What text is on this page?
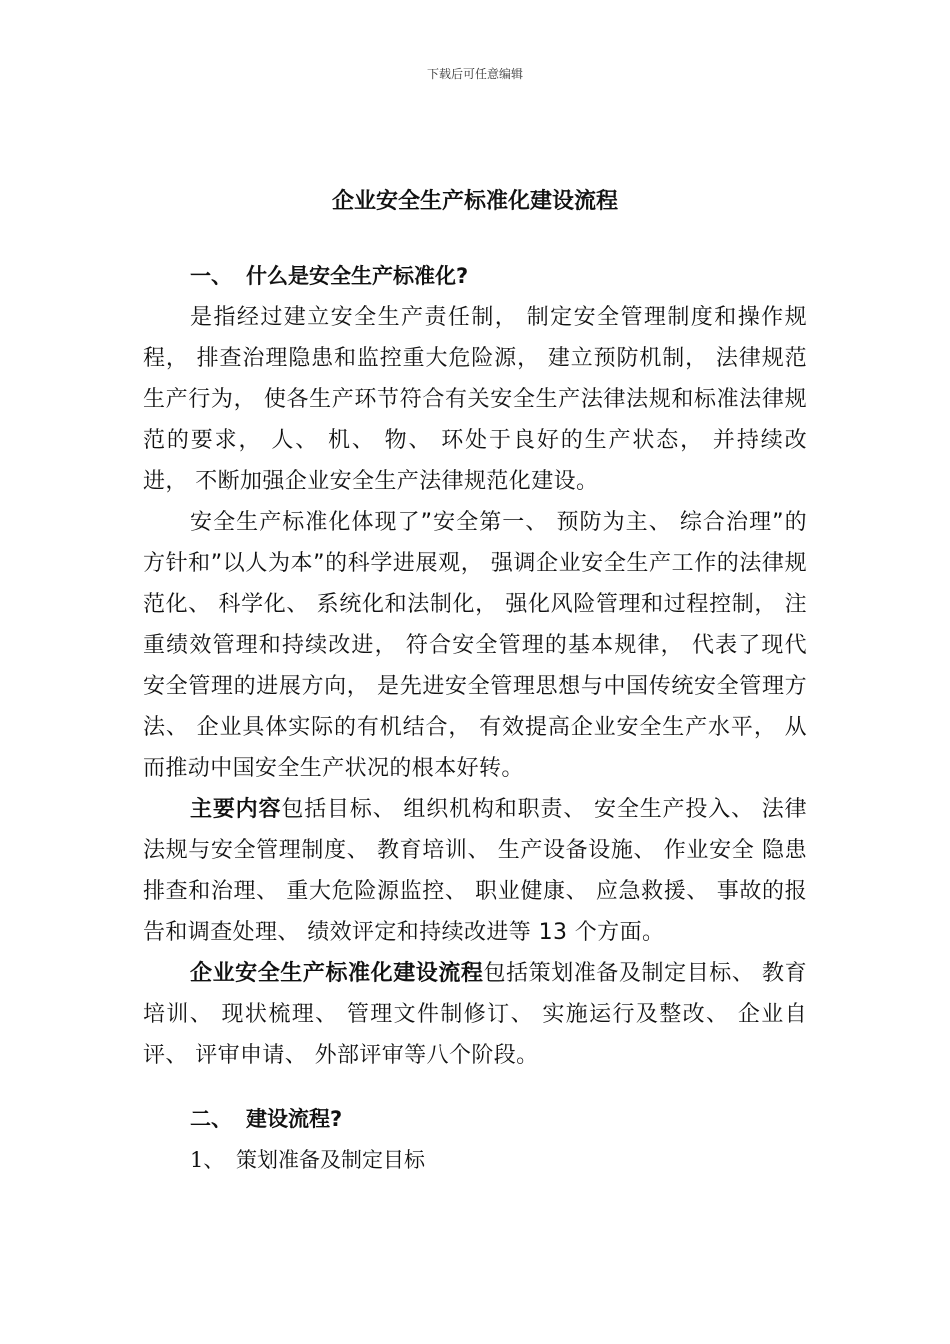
下载后可任意编辑
企业安全生产标准化建设流程
一、 什么是安全生产标准化?

是指经过建立安全生产责任制， 制定安全管理制度和操作规程， 排查治理隐患和监控重大危险源， 建立预防机制， 法律规范生产行为， 使各生产环节符合有关安全生产法律法规和标准法律规范的要求， 人、 机、 物、 环处于良好的生产状态， 并持续改进， 不断加强企业安全生产法律规范化建设。

安全生产标准化体现了”安全第一、 预防为主、 综合治理”的方针和”以人为本”的科学进展观， 强调企业安全生产工作的法律规范化、 科学化、 系统化和法制化， 强化风险管理和过程控制， 注重绩效管理和持续改进， 符合安全管理的基本规律， 代表了现代安全管理的进展方向， 是先进安全管理思想与中国传统安全管理方法、 企业具体实际的有机结合， 有效提高企业安全生产水平， 从而推动中国安全生产状况的根本好转。

主要内容包括目标、 组织机构和职责、 安全生产投入、 法律法规与安全管理制度、 教育培训、 生产设备设施、 作业安全 隐患排查和治理、 重大危险源监控、 职业健康、 应急救援、 事故的报告和调查处理、 绩效评定和持续改进等 13 个方面。

企业安全生产标准化建设流程包括策划准备及制定目标、 教育培训、 现状梳理、 管理文件制修订、 实施运行及整改、 企业自评、 评审申请、 外部评审等八个阶段。

二、 建设流程?
1、 策划准备及制定目标
